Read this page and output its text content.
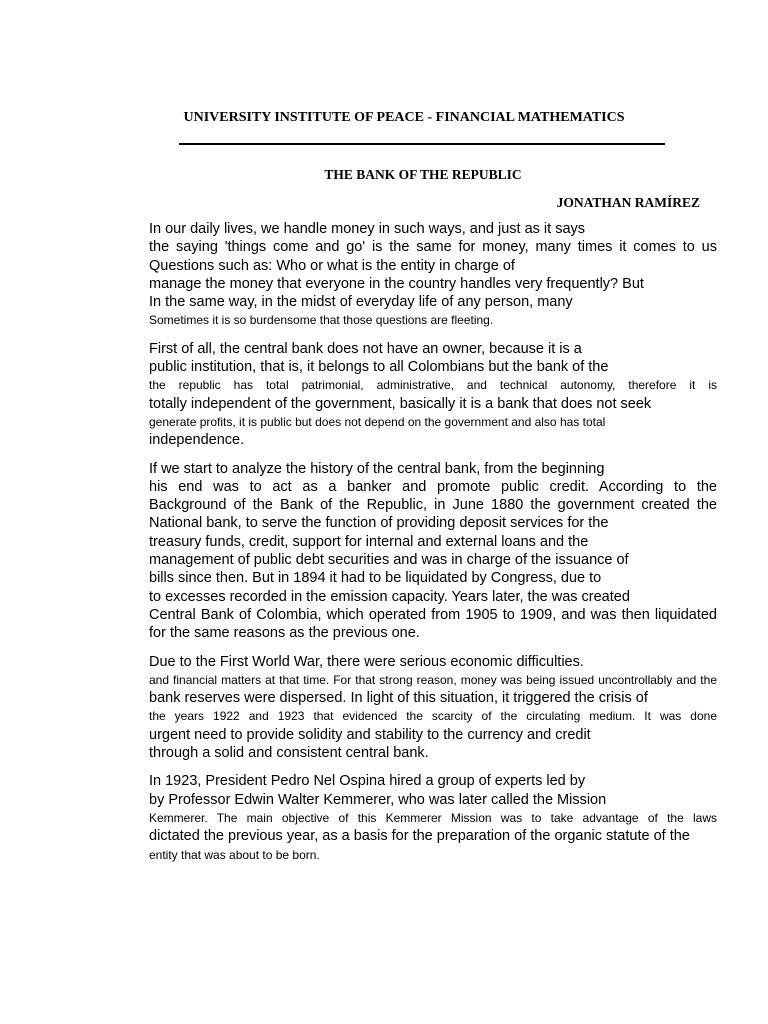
UNIVERSITY INSTITUTE OF PEACE - FINANCIAL MATHEMATICS
THE BANK OF THE REPUBLIC
JONATHAN RAMÍREZ
In our daily lives, we handle money in such ways, and just as it says
the saying 'things come and go' is the same for money, many times it comes to us
Questions such as: Who or what is the entity in charge of
manage the money that everyone in the country handles very frequently? But
In the same way, in the midst of everyday life of any person, many
Sometimes it is so burdensome that those questions are fleeting.
First of all, the central bank does not have an owner, because it is a
public institution, that is, it belongs to all Colombians but the bank of the
the republic has total patrimonial, administrative, and technical autonomy, therefore it is
totally independent of the government, basically it is a bank that does not seek
generate profits, it is public but does not depend on the government and also has total
independence.
If we start to analyze the history of the central bank, from the beginning
his end was to act as a banker and promote public credit. According to the
Background of the Bank of the Republic, in June 1880 the government created the
National bank, to serve the function of providing deposit services for the
treasury funds, credit, support for internal and external loans and the
management of public debt securities and was in charge of the issuance of
bills since then. But in 1894 it had to be liquidated by Congress, due to
to excesses recorded in the emission capacity. Years later, the was created
Central Bank of Colombia, which operated from 1905 to 1909, and was then liquidated
for the same reasons as the previous one.
Due to the First World War, there were serious economic difficulties.
and financial matters at that time. For that strong reason, money was being issued uncontrollably and the
bank reserves were dispersed. In light of this situation, it triggered the crisis of
the years 1922 and 1923 that evidenced the scarcity of the circulating medium. It was done
urgent need to provide solidity and stability to the currency and credit
through a solid and consistent central bank.
In 1923, President Pedro Nel Ospina hired a group of experts led by
by Professor Edwin Walter Kemmerer, who was later called the Mission
Kemmerer. The main objective of this Kemmerer Mission was to take advantage of the laws
dictated the previous year, as a basis for the preparation of the organic statute of the
entity that was about to be born.
